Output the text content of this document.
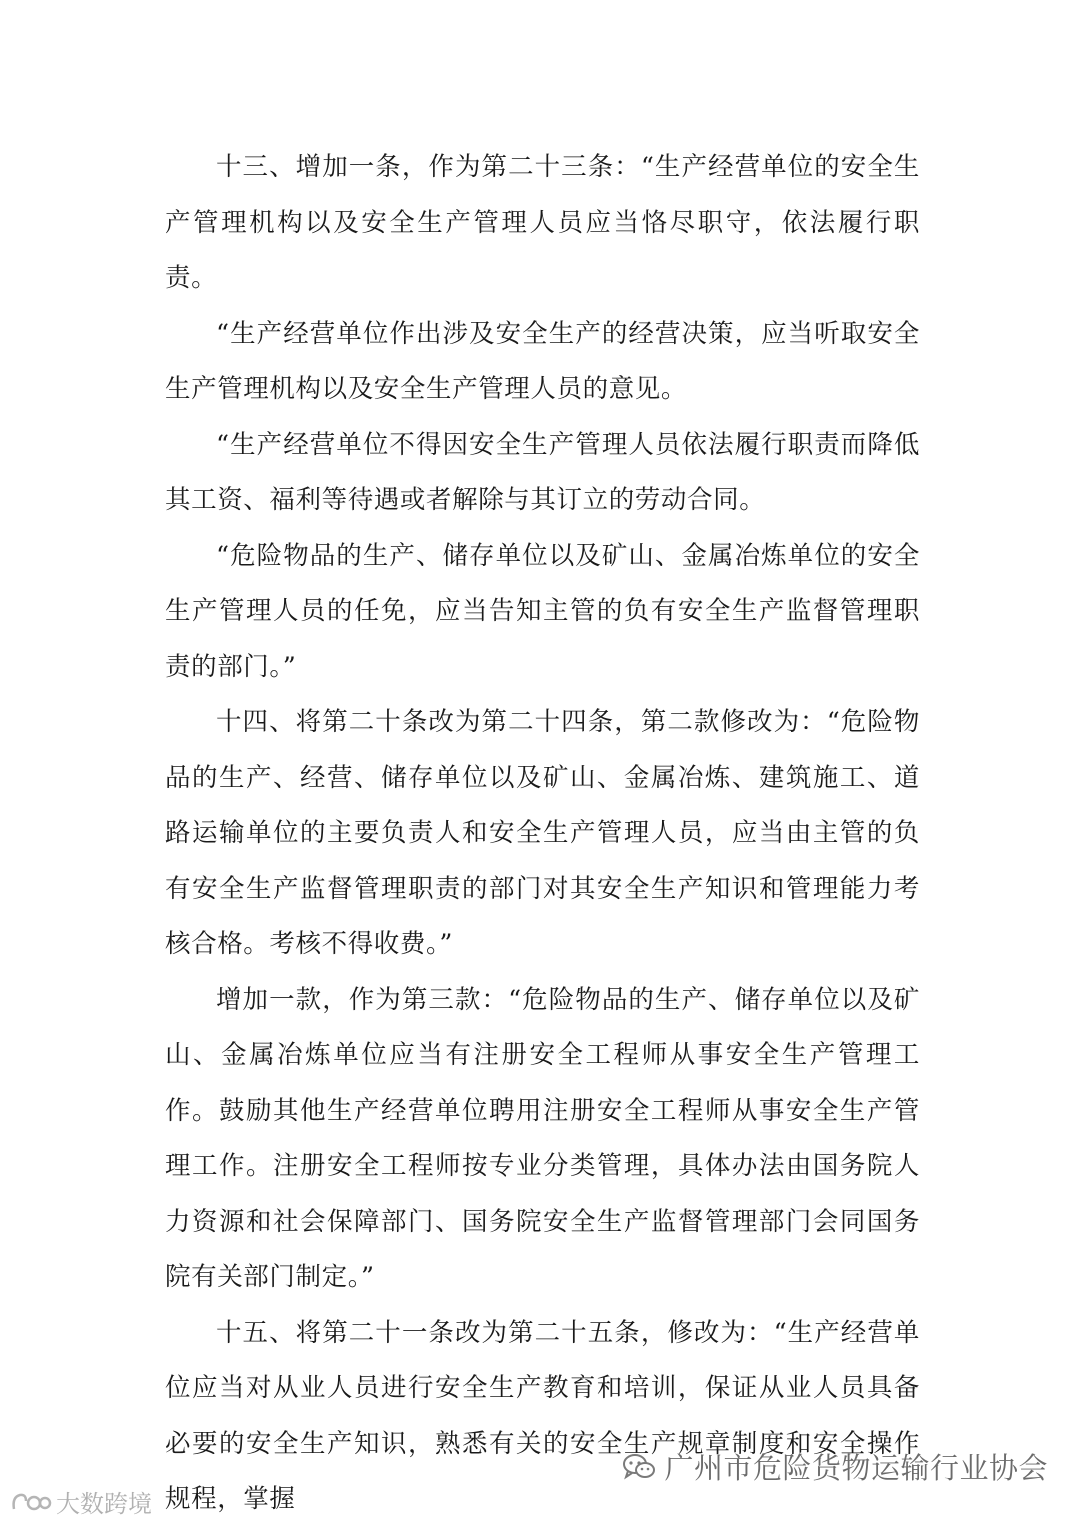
十三、增加一条，作为第二十三条：“生产经营单位的安全生产管理机构以及安全生产管理人员应当恪尽职守，依法履行职责。

“生产经营单位作出涉及安全生产的经营决策，应当听取安全生产管理机构以及安全生产管理人员的意见。

“生产经营单位不得因安全生产管理人员依法履行职责而降低其工资、福利等待遇或者解除与其订立的劳动合同。

“危险物品的生产、储存单位以及矿山、金属冶炼单位的安全生产管理人员的任免，应当告知主管的负有安全生产监督管理职责的部门。”

十四、将第二十条改为第二十四条，第二款修改为：“危险物品的生产、经营、储存单位以及矿山、金属冶炼、建筑施工、道路运输单位的主要负责人和安全生产管理人员，应当由主管的负有安全生产监督管理职责的部门对其安全生产知识和管理能力考核合格。考核不得收费。”

增加一款，作为第三款：“危险物品的生产、储存单位以及矿山、金属冶炼单位应当有注册安全工程师从事安全生产管理工作。鼓励其他生产经营单位聘用注册安全工程师从事安全生产管理工作。注册安全工程师按专业分类管理，具体办法由国务院人力资源和社会保障部门、国务院安全生产监督管理部门会同国务院有关部门制定。”

十五、将第二十一条改为第二十五条，修改为：“生产经营单位应当对从业人员进行安全生产教育和培训，保证从业人员具备必要的安全生产知识，熟悉有关的安全生产规章制度和安全操作规程，掌握

广州市危险货物运输行业协会
大数跨境
